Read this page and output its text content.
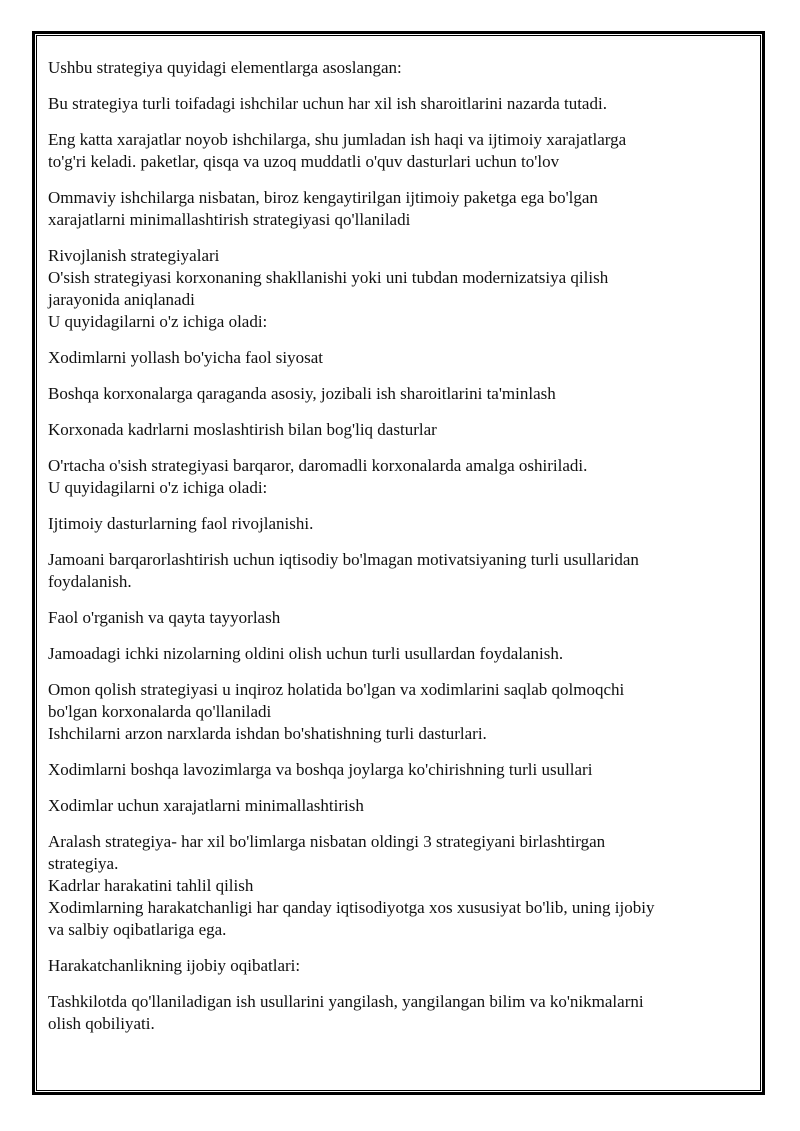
Ushbu strategiya quyidagi elementlarga asoslangan:

Bu strategiya turli toifadagi ishchilar uchun har xil ish sharoitlarini nazarda tutadi.

Eng katta xarajatlar noyob ishchilarga, shu jumladan ish haqi va ijtimoiy xarajatlarga
to'g'ri keladi. paketlar, qisqa va uzoq muddatli o'quv dasturlari uchun to'lov

Ommaviy ishchilarga nisbatan, biroz kengaytirilgan ijtimoiy paketga ega bo'lgan
xarajatlarni minimallashtirish strategiyasi qo'llaniladi

Rivojlanish strategiyalari
O'sish strategiyasi korxonaning shakllanishi yoki uni tubdan modernizatsiya qilish
jarayonida aniqlanadi
U quyidagilarni o'z ichiga oladi:

Xodimlarni yollash bo'yicha faol siyosat

Boshqa korxonalarga qaraganda asosiy, jozibali ish sharoitlarini ta'minlash

Korxonada kadrlarni moslashtirish bilan bog'liq dasturlar

O'rtacha o'sish strategiyasi barqaror, daromadli korxonalarda amalga oshiriladi.
U quyidagilarni o'z ichiga oladi:

Ijtimoiy dasturlarning faol rivojlanishi.

Jamoani barqarorlashtirish uchun iqtisodiy bo'lmagan motivatsiyaning turli usullaridan
foydalanish.

Faol o'rganish va qayta tayyorlash

Jamoadagi ichki nizolarning oldini olish uchun turli usullardan foydalanish.

Omon qolish strategiyasi u inqiroz holatida bo'lgan va xodimlarini saqlab qolmoqchi
bo'lgan korxonalarda qo'llaniladi
Ishchilarni arzon narxlarda ishdan bo'shatishning turli dasturlari.

Xodimlarni boshqa lavozimlarga va boshqa joylarga ko'chirishning turli usullari

Xodimlar uchun xarajatlarni minimallashtirish

Aralash strategiya- har xil bo'limlarga nisbatan oldingi 3 strategiyani birlashtirgan
strategiya.
Kadrlar harakatini tahlil qilish
Xodimlarning harakatchanligi har qanday iqtisodiyotga xos xususiyat bo'lib, uning ijobiy
va salbiy oqibatlariga ega.

Harakatchanlikning ijobiy oqibatlari:

Tashkilotda qo'llaniladigan ish usullarini yangilash, yangilangan bilim va ko'nikmalarni
olish qobiliyati.
